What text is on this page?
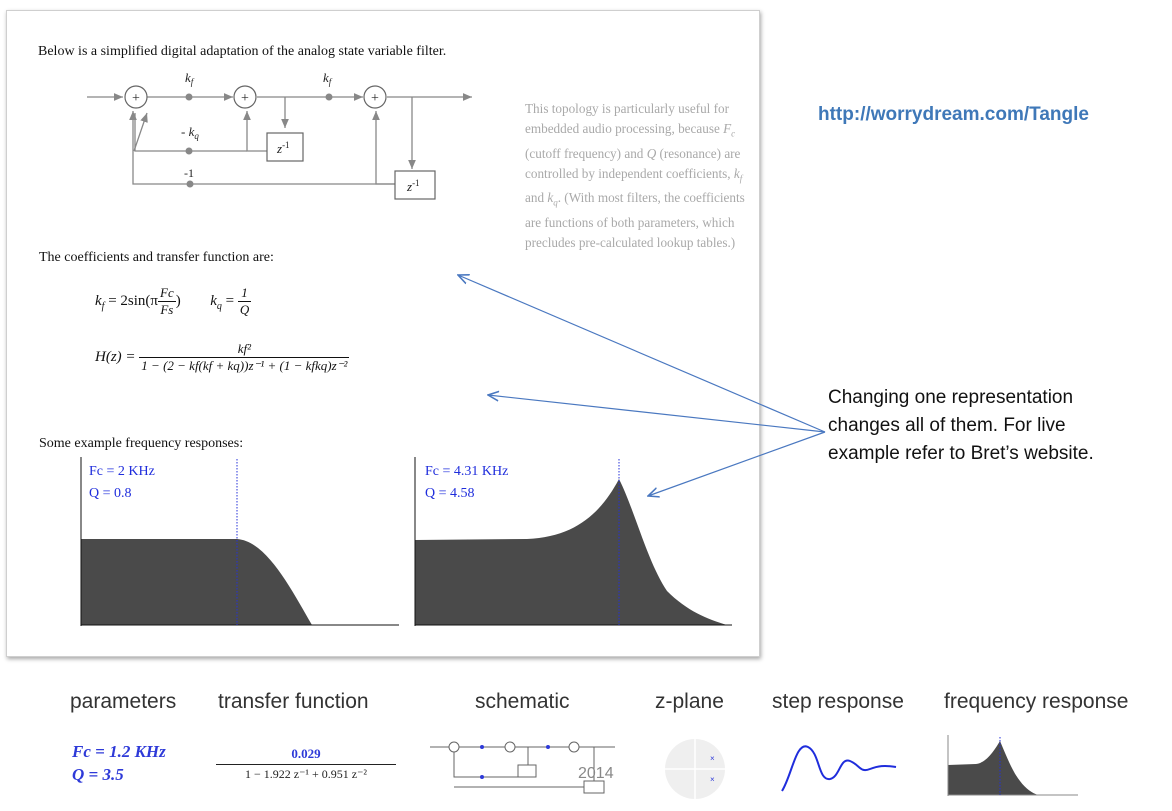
Below is a simplified digital adaptation of the analog state variable filter.
+	+	+
$k_f$	$k_f$
- $k_q$
$z^{-1}$
$z^{-1}$
-1
This topology is particularly useful for embedded audio processing, because $F_c$ (cutoff frequency) and Q (resonance) are controlled by independent coefficients, $k_f$ and $k_q$. (With most filters, the coefficients are functions of both parameters, which precludes pre-calculated lookup tables.)
The coefficients and transfer function are:
$k_f = 2\sin(\pi \frac{Fc}{Fs}$ ) $k_q = \frac{1}{Q}$
$H(z) = \frac{\text{kf²}}{\text{1 − (2 − kf(kf + kq))z⁻¹ + (1 − kfkq)z⁻²}}$
Some example frequency responses:
Fc = 2 KHz
Q = 0.8
Fc = 4.31 KHz
Q = 4.58
http://worrydream.com/Tangle
Changing one representation
changes all of them. For live
example refer to Bret’s website.
parameters transfer function	schematic	z-plane step response frequency response
Fc = 1.2 KHz
Q = 3.5
0.029
1 − 1.922 z⁻¹ + 0.951 z⁻²	2014
×
×
